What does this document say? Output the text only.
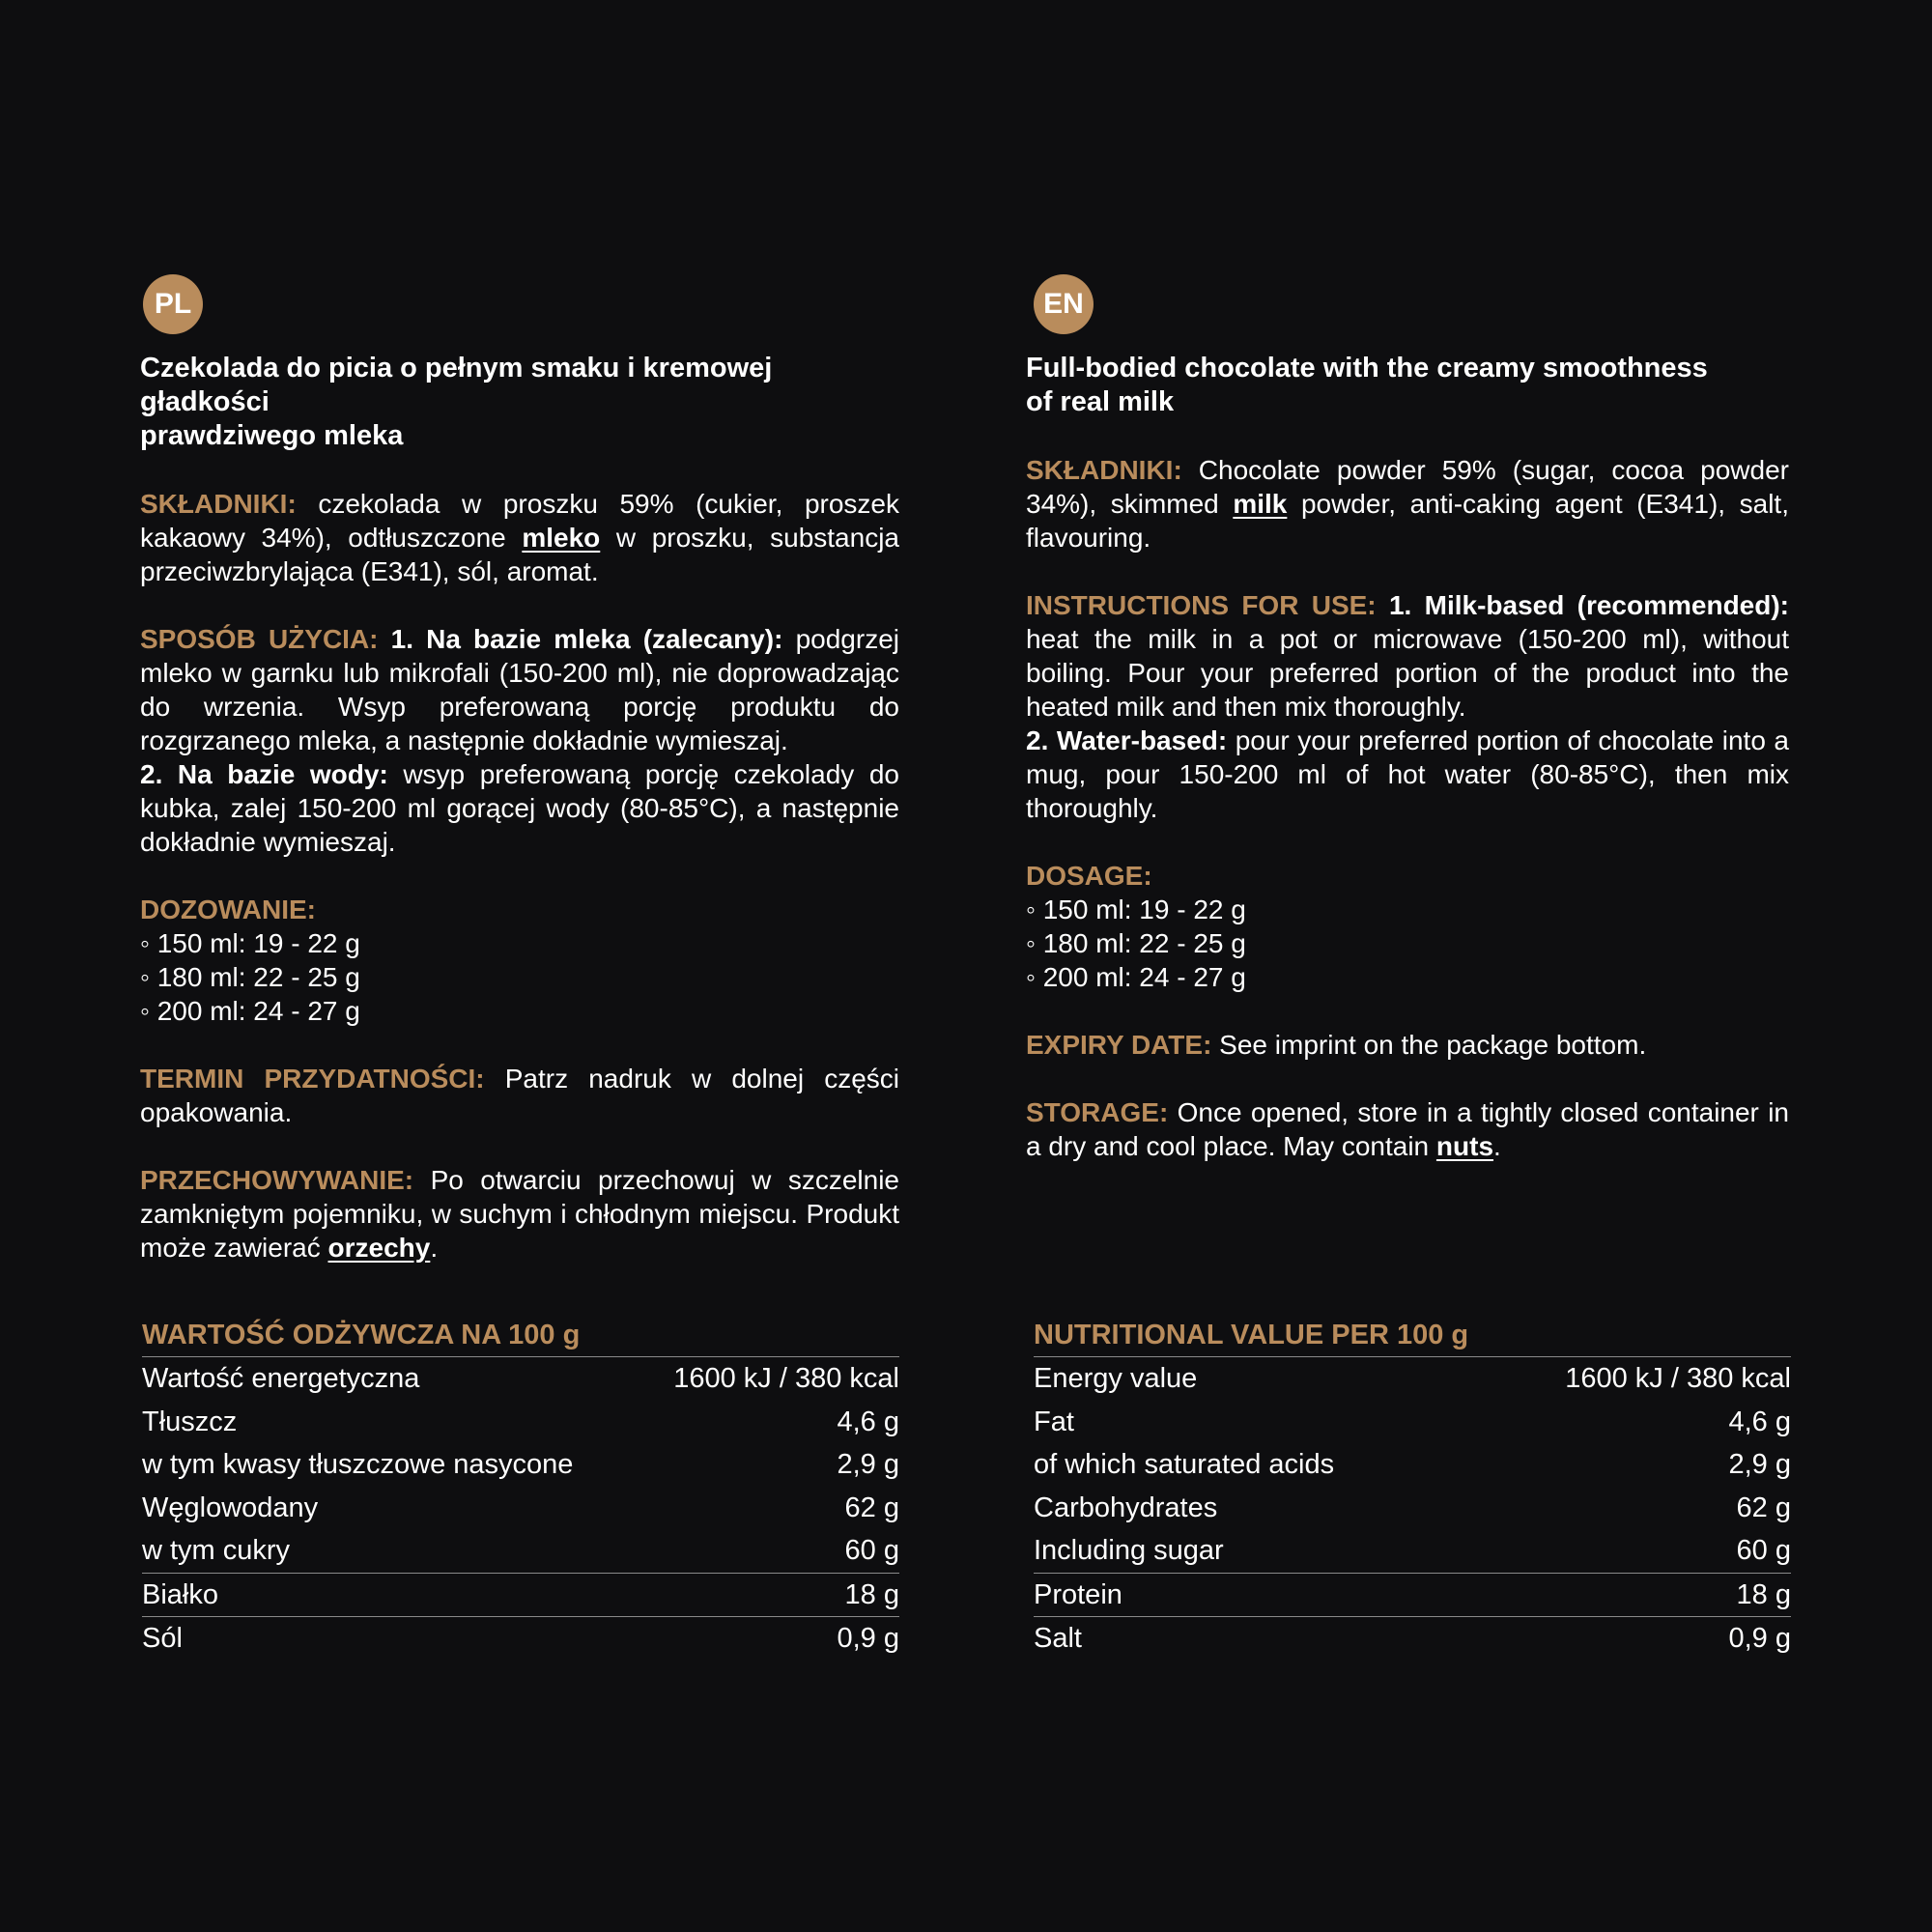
PL
Czekolada do picia o pełnym smaku i kremowej gładkości
prawdziwego mleka
SKŁADNIKI: czekolada w proszku 59% (cukier, proszek kakaowy 34%), odtłuszczone mleko w proszku, substancja przeciwzbrylająca (E341), sól, aromat.
SPOSÓB UŻYCIA: 1. Na bazie mleka (zalecany): podgrzej mleko w garnku lub mikrofali (150-200 ml), nie doprowadzając do wrzenia. Wsyp preferowaną porcję produktu do rozgrzanego mleka, a następnie dokładnie wymieszaj.
2. Na bazie wody: wsyp preferowaną porcję czekolady do kubka, zalej 150-200 ml gorącej wody (80-85°C), a następnie dokładnie wymieszaj.
DOZOWANIE:
◦ 150 ml: 19 - 22 g
◦ 180 ml: 22 - 25 g
◦ 200 ml: 24 - 27 g
TERMIN PRZYDATNOŚCI: Patrz nadruk w dolnej części opakowania.
PRZECHOWYWANIE: Po otwarciu przechowuj w szczelnie zamkniętym pojemniku, w suchym i chłodnym miejscu. Produkt może zawierać orzechy.
WARTOŚĆ ODŻYWCZA NA 100 g
Wartość energetyczna	1600 kJ / 380 kcal
Tłuszcz	4,6 g
w tym kwasy tłuszczowe nasycone	2,9 g
Węglowodany	62 g
w tym cukry	60 g
Białko	18 g
Sól	0,9 g
EN
Full-bodied chocolate with the creamy smoothness
of real milk
SKŁADNIKI: Chocolate powder 59% (sugar, cocoa powder 34%), skimmed milk powder, anti-caking agent (E341), salt, flavouring.
INSTRUCTIONS FOR USE: 1. Milk-based (recommended): heat the milk in a pot or microwave (150-200 ml), without boiling. Pour your preferred portion of the product into the heated milk and then mix thoroughly.
2. Water-based: pour your preferred portion of chocolate into a mug, pour 150-200 ml of hot water (80-85°C), then mix thoroughly.
DOSAGE:
◦ 150 ml: 19 - 22 g
◦ 180 ml: 22 - 25 g
◦ 200 ml: 24 - 27 g
EXPIRY DATE: See imprint on the package bottom.
STORAGE: Once opened, store in a tightly closed container in a dry and cool place. May contain nuts.
NUTRITIONAL VALUE PER 100 g
Energy value	1600 kJ / 380 kcal
Fat	4,6 g
of which saturated acids	2,9 g
Carbohydrates	62 g
Including sugar	60 g
Protein	18 g
Salt	0,9 g
